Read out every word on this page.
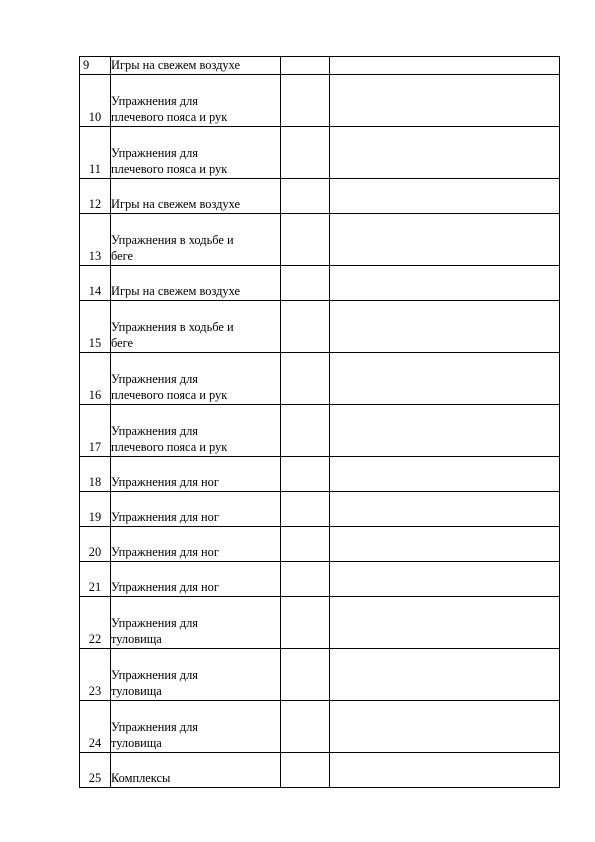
9	Игры на свежем воздухе		

10	Упражнения для
плечевого пояса и рук		

11	Упражнения для
плечевого пояса и рук		

12	Игры на свежем воздухе		

13	Упражнения в ходьбе и
беге		

14	Игры на свежем воздухе		

15	Упражнения в ходьбе и
беге		

16	Упражнения для
плечевого пояса и рук		

17	Упражнения для
плечевого пояса и рук		

18	Упражнения для ног		

19	Упражнения для ног		

20	Упражнения для ног		

21	Упражнения для ног		

22	Упражнения для
туловища		

23	Упражнения для
туловища		

24	Упражнения для
туловища		

25	Комплексы		
